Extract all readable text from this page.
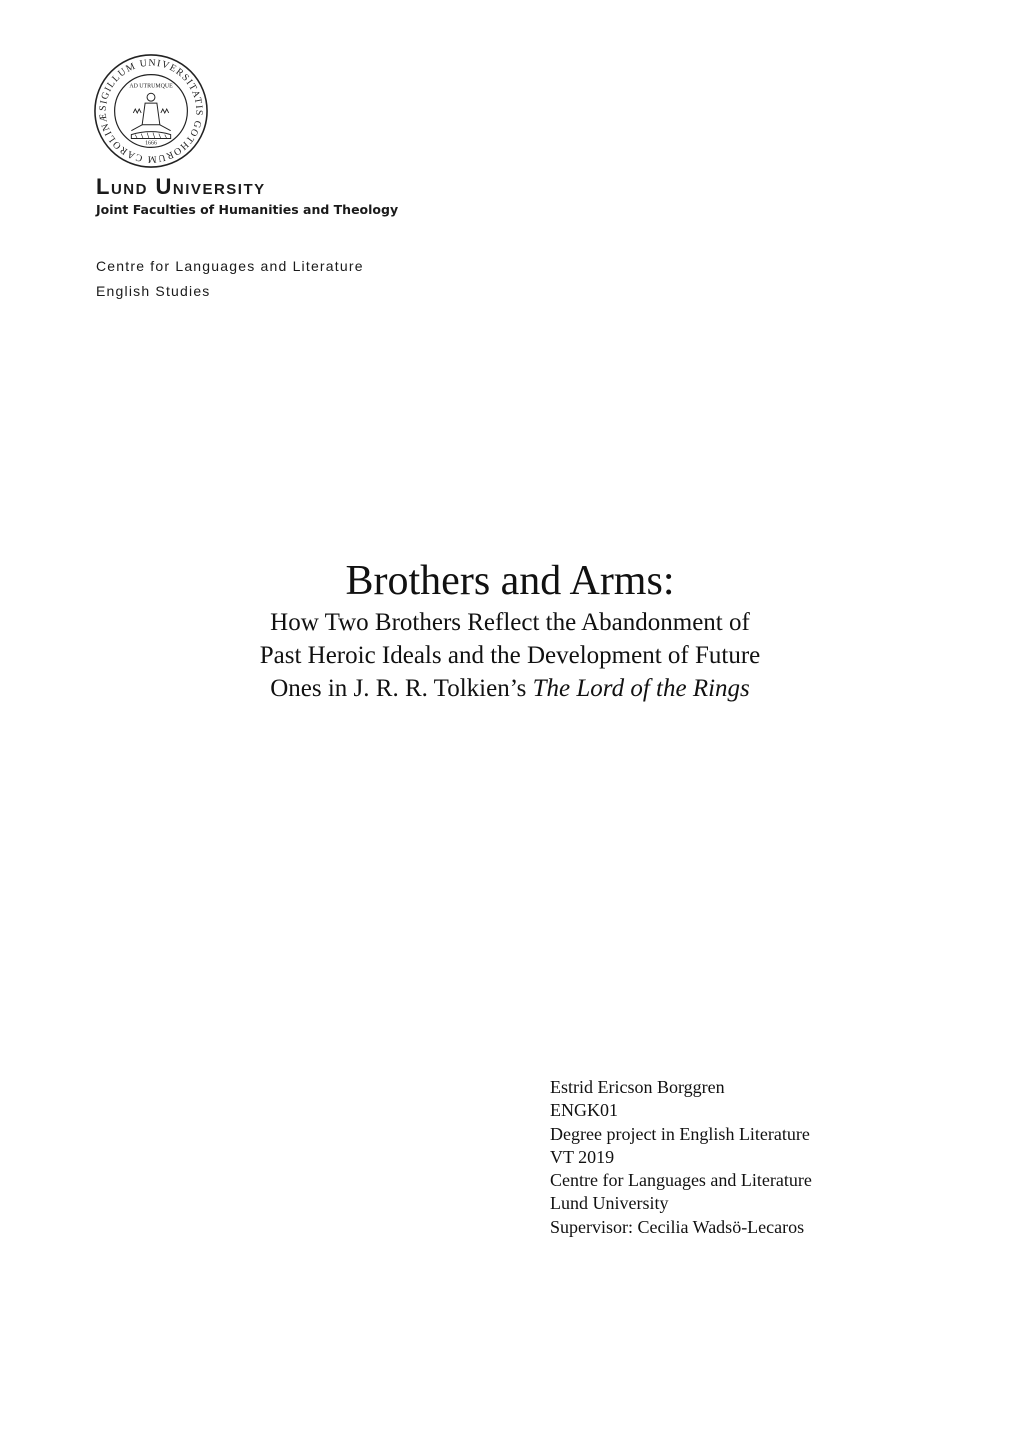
SIGILLUM UNIVERSITATIS GOTHORUM CAROLINÆ
AD UTRUMQUE
1666
Lund University
Joint Faculties of Humanities and Theology
Centre for Languages and Literature
English Studies
Brothers and Arms:

How Two Brothers Reflect the Abandonment of

Past Heroic Ideals and the Development of Future

Ones in J. R. R. Tolkien’s The Lord of the Rings

Estrid Ericson Borggren
ENGK01
Degree project in English Literature
VT 2019
Centre for Languages and Literature
Lund University
Supervisor: Cecilia Wadsö-Lecaros
